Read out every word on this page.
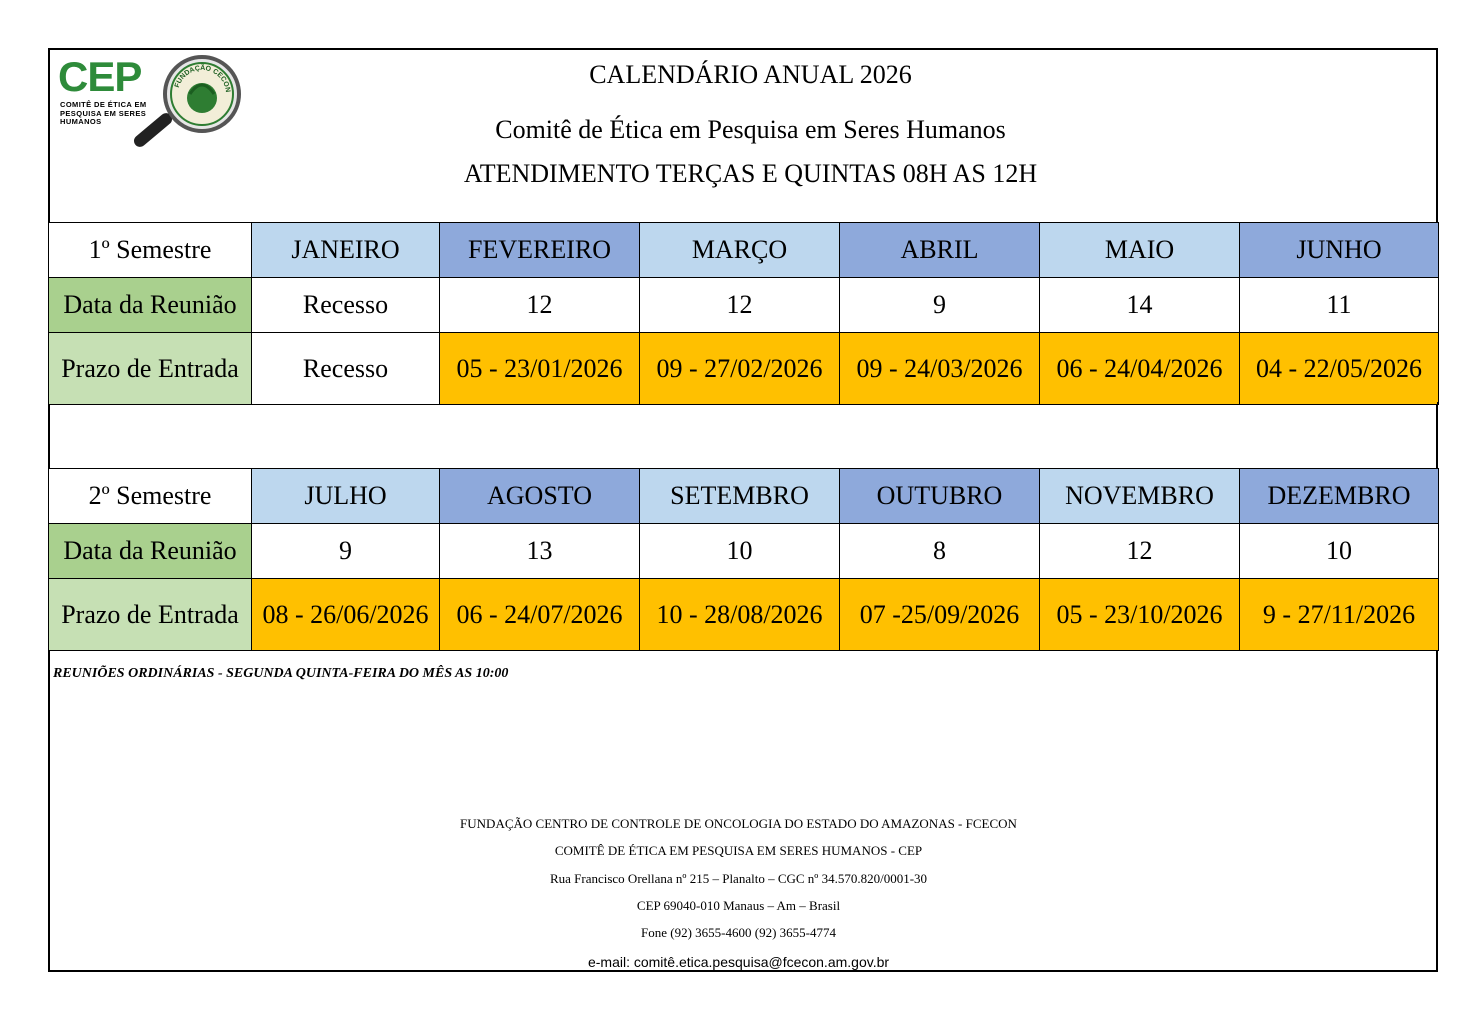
CEP
COMITÊ DE ÉTICA EM PESQUISA EM SERES HUMANOS
FUNDAÇÃO CECON
CALENDÁRIO ANUAL 2026
Comitê de Ética em Pesquisa em Seres Humanos
ATENDIMENTO TERÇAS E QUINTAS 08H AS 12H
1º Semestre	JANEIRO	FEVEREIRO	MARÇO	ABRIL	MAIO	JUNHO
Data da Reunião	Recesso	12	12	9	14	11
Prazo de Entrada	Recesso	05 - 23/01/2026	09 - 27/02/2026	09 - 24/03/2026	06 - 24/04/2026	04 - 22/05/2026
2º Semestre	JULHO	AGOSTO	SETEMBRO	OUTUBRO	NOVEMBRO	DEZEMBRO
Data da Reunião	9	13	10	8	12	10
Prazo de Entrada	08 - 26/06/2026	06 - 24/07/2026	10 - 28/08/2026	07 -25/09/2026	05 - 23/10/2026	9 - 27/11/2026
REUNIÕES ORDINÁRIAS - SEGUNDA QUINTA-FEIRA DO MÊS AS 10:00
FUNDAÇÃO CENTRO DE CONTROLE DE ONCOLOGIA DO ESTADO DO AMAZONAS - FCECON
COMITÊ DE ÉTICA EM PESQUISA EM SERES HUMANOS - CEP
Rua Francisco Orellana nº 215 – Planalto – CGC nº 34.570.820/0001-30
CEP 69040-010 Manaus – Am – Brasil
Fone (92) 3655-4600 (92) 3655-4774
e-mail: comitê.etica.pesquisa@fcecon.am.gov.br
